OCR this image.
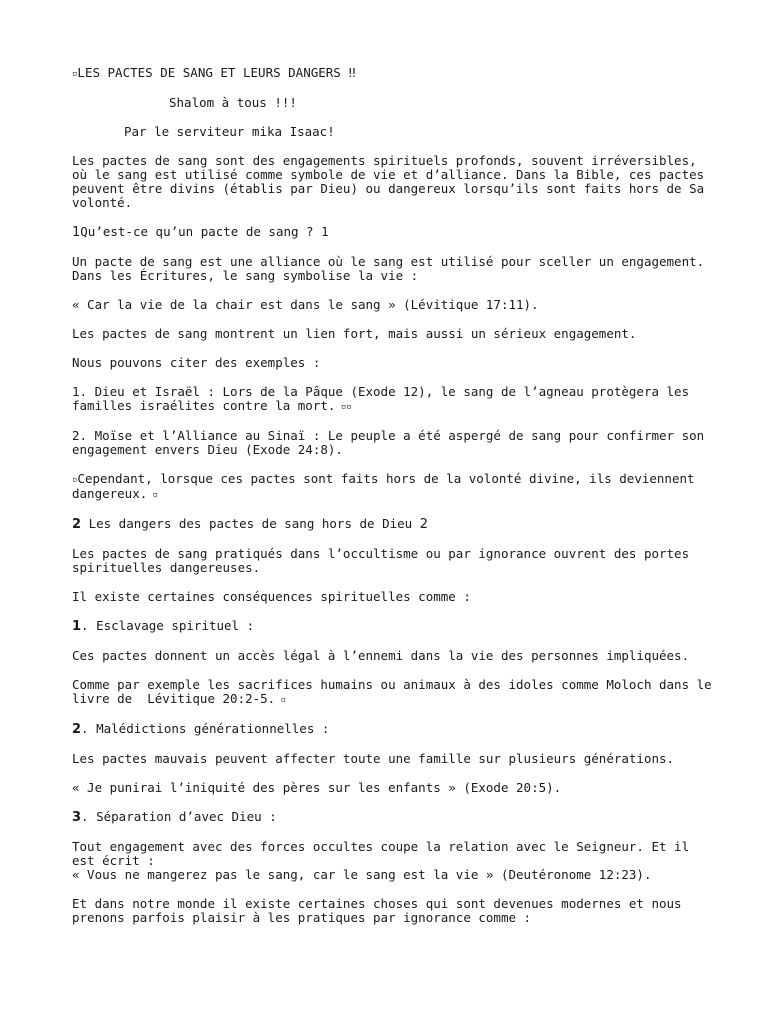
▫LES PACTES DE SANG ET LEURS DANGERS ‼

Shalom à tous !!!

Par le serviteur mika Isaac!

Les pactes de sang sont des engagements spirituels profonds, souvent irréversibles, où le sang est utilisé comme symbole de vie et d’alliance. Dans la Bible, ces pactes peuvent être divins (établis par Dieu) ou dangereux lorsqu’ils sont faits hors de Sa volonté.

1Qu’est-ce qu’un pacte de sang ? 1

Un pacte de sang est une alliance où le sang est utilisé pour sceller un engagement. Dans les Écritures, le sang symbolise la vie :

« Car la vie de la chair est dans le sang » (Lévitique 17:11).

Les pactes de sang montrent un lien fort, mais aussi un sérieux engagement.

Nous pouvons citer des exemples :

1. Dieu et Israël : Lors de la Pâque (Exode 12), le sang de l’agneau protègera les familles israélites contre la mort. ▫▫

2. Moïse et l’Alliance au Sinaï : Le peuple a été aspergé de sang pour confirmer son engagement envers Dieu (Exode 24:8).

▫Cependant, lorsque ces pactes sont faits hors de la volonté divine, ils deviennent dangereux. ▫

2 Les dangers des pactes de sang hors de Dieu 2

Les pactes de sang pratiqués dans l’occultisme ou par ignorance ouvrent des portes spirituelles dangereuses.

Il existe certaines conséquences spirituelles comme :

1. Esclavage spirituel :

Ces pactes donnent un accès légal à l’ennemi dans la vie des personnes impliquées.

Comme par exemple les sacrifices humains ou animaux à des idoles comme Moloch dans le livre de  Lévitique 20:2-5. ▫

2. Malédictions générationnelles :

Les pactes mauvais peuvent affecter toute une famille sur plusieurs générations.

« Je punirai l’iniquité des pères sur les enfants » (Exode 20:5).

3. Séparation d’avec Dieu :

Tout engagement avec des forces occultes coupe la relation avec le Seigneur. Et il est écrit :
« Vous ne mangerez pas le sang, car le sang est la vie » (Deutéronome 12:23).

Et dans notre monde il existe certaines choses qui sont devenues modernes et nous prenons parfois plaisir à les pratiques par ignorance comme :
